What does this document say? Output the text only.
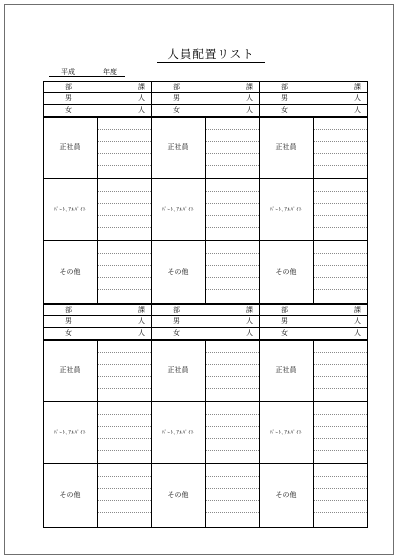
人員配置リスト
平成	年度
部	課
男	人
女	人
正社員
ﾊﾟｰﾄ､ｱﾙﾊﾞｲﾄ
その他
部	課
男	人
女	人
正社員
ﾊﾟｰﾄ､ｱﾙﾊﾞｲﾄ
その他
部	課
男	人
女	人
正社員
ﾊﾟｰﾄ､ｱﾙﾊﾞｲﾄ
その他
部	課
男	人
女	人
正社員
ﾊﾟｰﾄ､ｱﾙﾊﾞｲﾄ
その他
部	課
男	人
女	人
正社員
ﾊﾟｰﾄ､ｱﾙﾊﾞｲﾄ
その他
部	課
男	人
女	人
正社員
ﾊﾟｰﾄ､ｱﾙﾊﾞｲﾄ
その他
